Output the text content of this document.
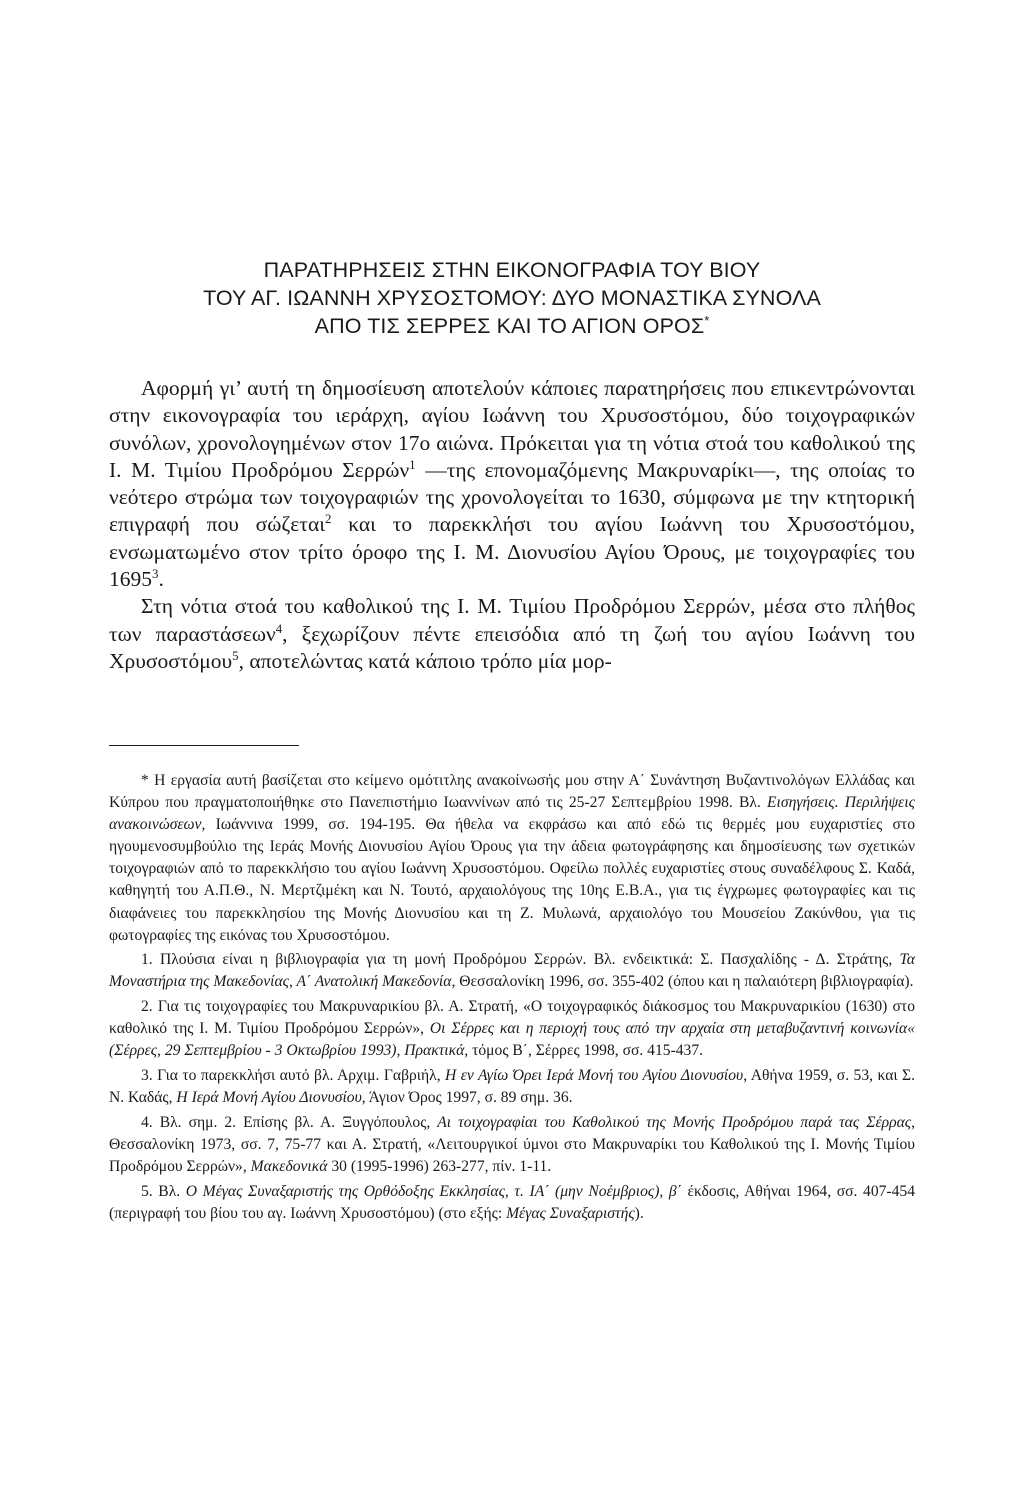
ΠΑΡΑΤΗΡΗΣΕΙΣ ΣΤΗΝ ΕΙΚΟΝΟΓΡΑΦΙΑ ΤΟΥ ΒΙΟΥ
ΤΟΥ ΑΓ. ΙΩΑΝΝΗ ΧΡΥΣΟΣΤΟΜΟΥ: ΔΥΟ ΜΟΝΑΣΤΙΚΑ ΣΥΝΟΛΑ
ΑΠΟ ΤΙΣ ΣΕΡΡΕΣ ΚΑΙ ΤΟ ΑΓΙΟΝ ΟΡΟΣ*

Αφορμή γι’ αυτή τη δημοσίευση αποτελούν κάποιες παρατηρήσεις που επικεντρώνονται στην εικονογραφία του ιεράρχη, αγίου Ιωάννη του Χρυσοστόμου, δύο τοιχογραφικών συνόλων, χρονολογημένων στον 17ο αιώνα. Πρόκειται για τη νότια στοά του καθολικού της Ι. Μ. Τιμίου Προδρόμου Σερρών$^1$ —της επονομαζόμενης Μακρυναρίκι—, της οποίας το νεότερο στρώμα των τοιχογραφιών της χρονολογείται το 1630, σύμφωνα με την κτητορική επιγραφή που σώζεται$^2$ και το παρεκκλήσι του αγίου Ιωάννη του Χρυσοστόμου, ενσωματωμένο στον τρίτο όροφο της Ι. Μ. Διονυσίου Αγίου Όρους, με τοιχογραφίες του 1695$^3$.

Στη νότια στοά του καθολικού της Ι. Μ. Τιμίου Προδρόμου Σερρών, μέσα στο πλήθος των παραστάσεων$^4$, ξεχωρίζουν πέντε επεισόδια από τη ζωή του αγίου Ιωάννη του Χρυσοστόμου$^5$, αποτελώντας κατά κάποιο τρόπο μία μορ-

* Η εργασία αυτή βασίζεται στο κείμενο ομότιτλης ανακοίνωσής μου στην Α΄ Συνάντηση Βυζαντινολόγων Ελλάδας και Κύπρου που πραγματοποιήθηκε στο Πανεπιστήμιο Ιωαννίνων από τις 25-27 Σεπτεμβρίου 1998. Βλ. Εισηγήσεις. Περιλήψεις ανακοινώσεων, Ιωάννινα 1999, σσ. 194-195. Θα ήθελα να εκφράσω και από εδώ τις θερμές μου ευχαριστίες στο ηγουμενοσυμβούλιο της Ιεράς Μονής Διονυσίου Αγίου Όρους για την άδεια φωτογράφησης και δημοσίευσης των σχετικών τοιχογραφιών από το παρεκκλήσιο του αγίου Ιωάννη Χρυσοστόμου. Οφείλω πολλές ευχαριστίες στους συναδέλφους Σ. Καδά, καθηγητή του Α.Π.Θ., Ν. Μερτζιμέκη και Ν. Τουτό, αρχαιολόγους της 10ης Ε.Β.Α., για τις έγχρωμες φωτογραφίες και τις διαφάνειες του παρεκκλησίου της Μονής Διονυσίου και τη Ζ. Μυλωνά, αρχαιολόγο του Μουσείου Ζακύνθου, για τις φωτογραφίες της εικόνας του Χρυσοστόμου.

1. Πλούσια είναι η βιβλιογραφία για τη μονή Προδρόμου Σερρών. Βλ. ενδεικτικά: Σ. Πασχαλίδης - Δ. Στράτης, Τα Μοναστήρια της Μακεδονίας, Α΄ Ανατολική Μακεδονία, Θεσσαλονίκη 1996, σσ. 355-402 (όπου και η παλαιότερη βιβλιογραφία).

2. Για τις τοιχογραφίες του Μακρυναρικίου βλ. Α. Στρατή, «Ο τοιχογραφικός διάκοσμος του Μακρυναρικίου (1630) στο καθολικό της Ι. Μ. Τιμίου Προδρόμου Σερρών», Οι Σέρρες και η περιοχή τους από την αρχαία στη μεταβυζαντινή κοινωνία« (Σέρρες, 29 Σεπτεμβρίου - 3 Οκτωβρίου 1993), Πρακτικά, τόμος Β΄, Σέρρες 1998, σσ. 415-437.

3. Για το παρεκκλήσι αυτό βλ. Αρχιμ. Γαβριήλ, Η εν Αγίω Όρει Ιερά Μονή του Αγίου Διονυσίου, Αθήνα 1959, σ. 53, και Σ. Ν. Καδάς, Η Ιερά Μονή Αγίου Διονυσίου, Άγιον Όρος 1997, σ. 89 σημ. 36.

4. Βλ. σημ. 2. Επίσης βλ. Α. Ξυγγόπουλος, Αι τοιχογραφίαι του Καθολικού της Μονής Προδρόμου παρά τας Σέρρας, Θεσσαλονίκη 1973, σσ. 7, 75-77 και Α. Στρατή, «Λειτουργικοί ύμνοι στο Μακρυναρίκι του Καθολικού της Ι. Μονής Τιμίου Προδρόμου Σερρών», Μακεδονικά 30 (1995-1996) 263-277, πίν. 1-11.

5. Βλ. Ο Μέγας Συναξαριστής της Ορθόδοξης Εκκλησίας, τ. ΙΑ΄ (μην Νοέμβριος), β΄ έκδοσις, Αθήναι 1964, σσ. 407-454 (περιγραφή του βίου του αγ. Ιωάννη Χρυσοστόμου) (στο εξής: Μέγας Συναξαριστής).
